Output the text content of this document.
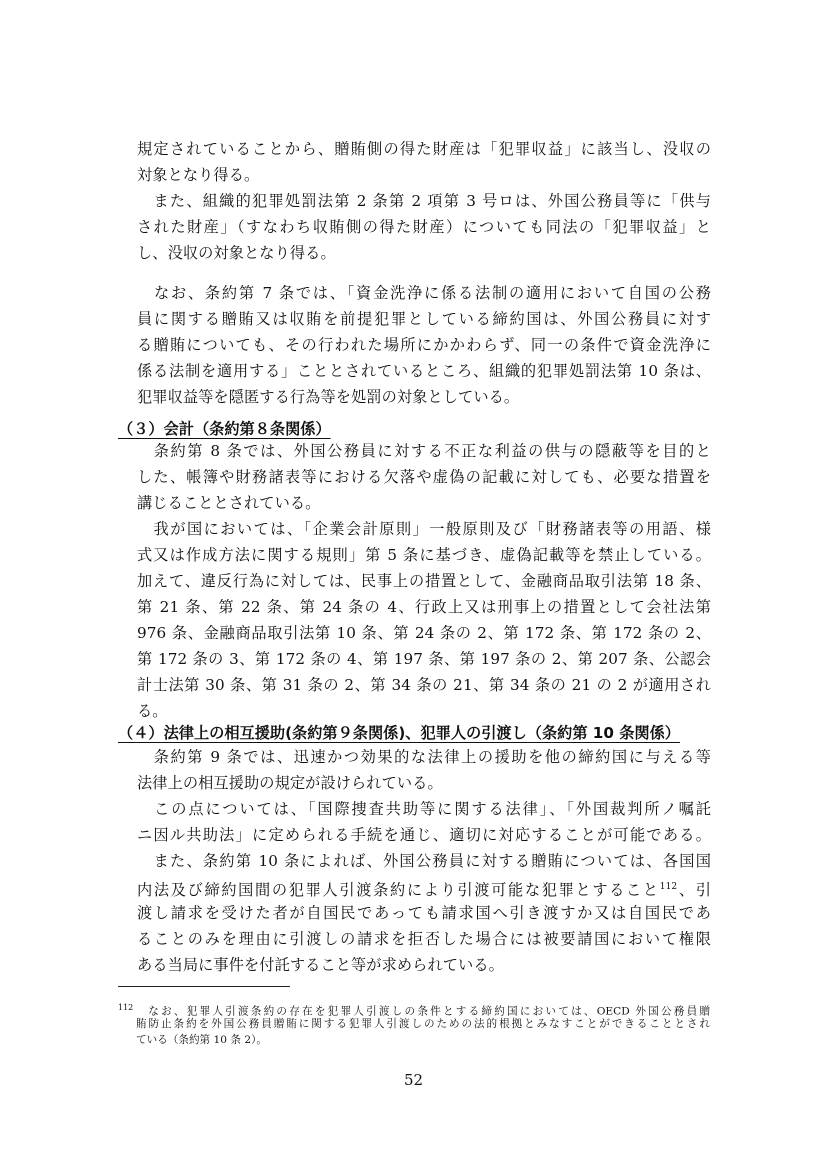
規定されていることから、贈賄側の得た財産は「犯罪収益」に該当し、没収の

対象となり得る。

　また、組織的犯罪処罰法第 2 条第 2 項第 3 号ロは、外国公務員等に「供与

された財産」（すなわち収賄側の得た財産）についても同法の「犯罪収益」と

し、没収の対象となり得る。

　なお、条約第 7 条では、「資金洗浄に係る法制の適用において自国の公務

員に関する贈賄又は収賄を前提犯罪としている締約国は、外国公務員に対す

る贈賄についても、その行われた場所にかかわらず、同一の条件で資金洗浄に

係る法制を適用する」こととされているところ、組織的犯罪処罰法第 10 条は、

犯罪収益等を隠匿する行為等を処罰の対象としている。

（３）会計（条約第８条関係）

　条約第 8 条では、外国公務員に対する不正な利益の供与の隠蔽等を目的と

した、帳簿や財務諸表等における欠落や虚偽の記載に対しても、必要な措置を

講じることとされている。

　我が国においては、「企業会計原則」一般原則及び「財務諸表等の用語、様

式又は作成方法に関する規則」第 5 条に基づき、虚偽記載等を禁止している。

加えて、違反行為に対しては、民事上の措置として、金融商品取引法第 18 条、

第 21 条、第 22 条、第 24 条の 4、行政上又は刑事上の措置として会社法第

976 条、金融商品取引法第 10 条、第 24 条の 2、第 172 条、第 172 条の 2、

第 172 条の 3、第 172 条の 4、第 197 条、第 197 条の 2、第 207 条、公認会

計士法第 30 条、第 31 条の 2、第 34 条の 21、第 34 条の 21 の 2 が適用され

る。

（４）法律上の相互援助(条約第９条関係)、犯罪人の引渡し（条約第 10 条関係）

　条約第 9 条では、迅速かつ効果的な法律上の援助を他の締約国に与える等

法律上の相互援助の規定が設けられている。

　この点については、「国際捜査共助等に関する法律」、「外国裁判所ノ嘱託

ニ因ル共助法」に定められる手続を通じ、適切に対応することが可能である。

　また、条約第 10 条によれば、外国公務員に対する贈賄については、各国国

内法及び締約国間の犯罪人引渡条約により引渡可能な犯罪とすること$^{112}$、引

渡し請求を受けた者が自国民であっても請求国へ引き渡すか又は自国民であ

ることのみを理由に引渡しの請求を拒否した場合には被要請国において権限

ある当局に事件を付託すること等が求められている。

$^{112}$　なお、犯罪人引渡条約の存在を犯罪人引渡しの条件とする締約国においては、OECD 外国公務員贈

賄防止条約を外国公務員贈賄に関する犯罪人引渡しのための法的根拠とみなすことができることとされ

ている（条約第 10 条 2）。

52
